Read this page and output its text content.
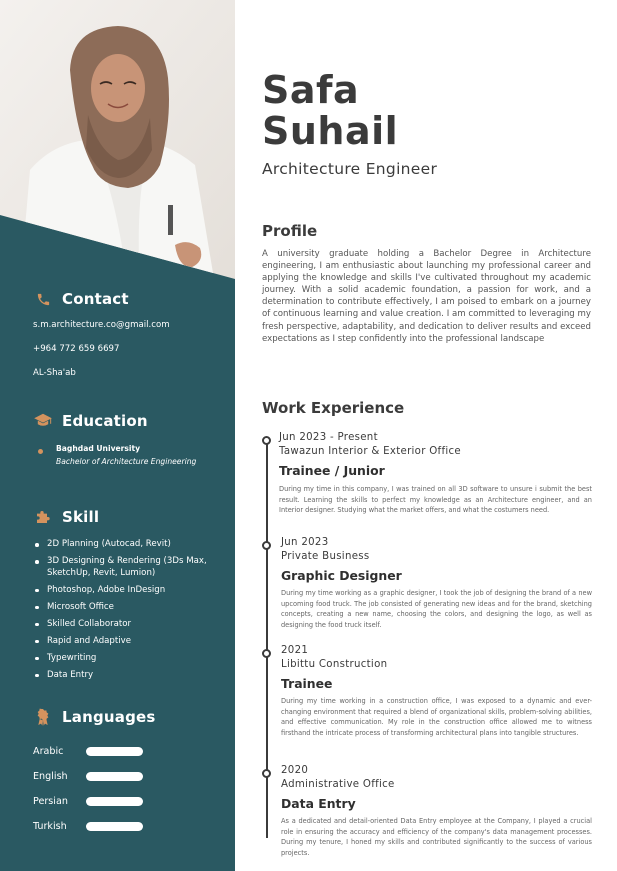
Contact
s.m.architecture.co@gmail.com
+964 772 659 6697
AL-Sha'ab
Education
Baghdad University
Bachelor of Architecture Engineering
Skill
2D Planning (Autocad, Revit)
3D Designing & Rendering (3Ds Max, SketchUp, Revit, Lumion)
Photoshop, Adobe InDesign
Microsoft Office
Skilled Collaborator
Rapid and Adaptive
Typewriting
Data Entry
Languages
Arabic
English
Persian
Turkish
Safa
Suhail
Architecture Engineer
Profile

A university graduate holding a Bachelor Degree in Architecture engineering, I am enthusiastic about launching my professional career and applying the knowledge and skills I've cultivated throughout my academic journey. With a solid academic foundation, a passion for work, and a determination to contribute effectively, I am poised to embark on a journey of continuous learning and value creation. I am committed to leveraging my fresh perspective, adaptability, and dedication to deliver results and exceed expectations as I step confidently into the professional landscape

Work Experience
Jun 2023 - Present
Tawazun Interior & Exterior Office
Trainee / Junior

During my time in this company, I was trained on all 3D software to unsure i submit the best result. Learning the skills to perfect my knowledge as an Architecture engineer, and an Interior designer. Studying what the market offers, and what the costumers need.

Jun 2023
Private Business
Graphic Designer

During my time working as a graphic designer, I took the job of designing the brand of a new upcoming food truck. The job consisted of generating new ideas and for the brand, sketching concepts, creating a new name, choosing the colors, and designing the logo, as well as designing the food truck itself.

2021
Libittu Construction
Trainee

During my time working in a construction office, I was exposed to a dynamic and ever-changing environment that required a blend of organizational skills, problem-solving abilities, and effective communication. My role in the construction office allowed me to witness firsthand the intricate process of transforming architectural plans into tangible structures.

2020
Administrative Office
Data Entry

As a dedicated and detail-oriented Data Entry employee at the Company, I played a crucial role in ensuring the accuracy and efficiency of the company's data management processes. During my tenure, I honed my skills and contributed significantly to the success of various projects.
